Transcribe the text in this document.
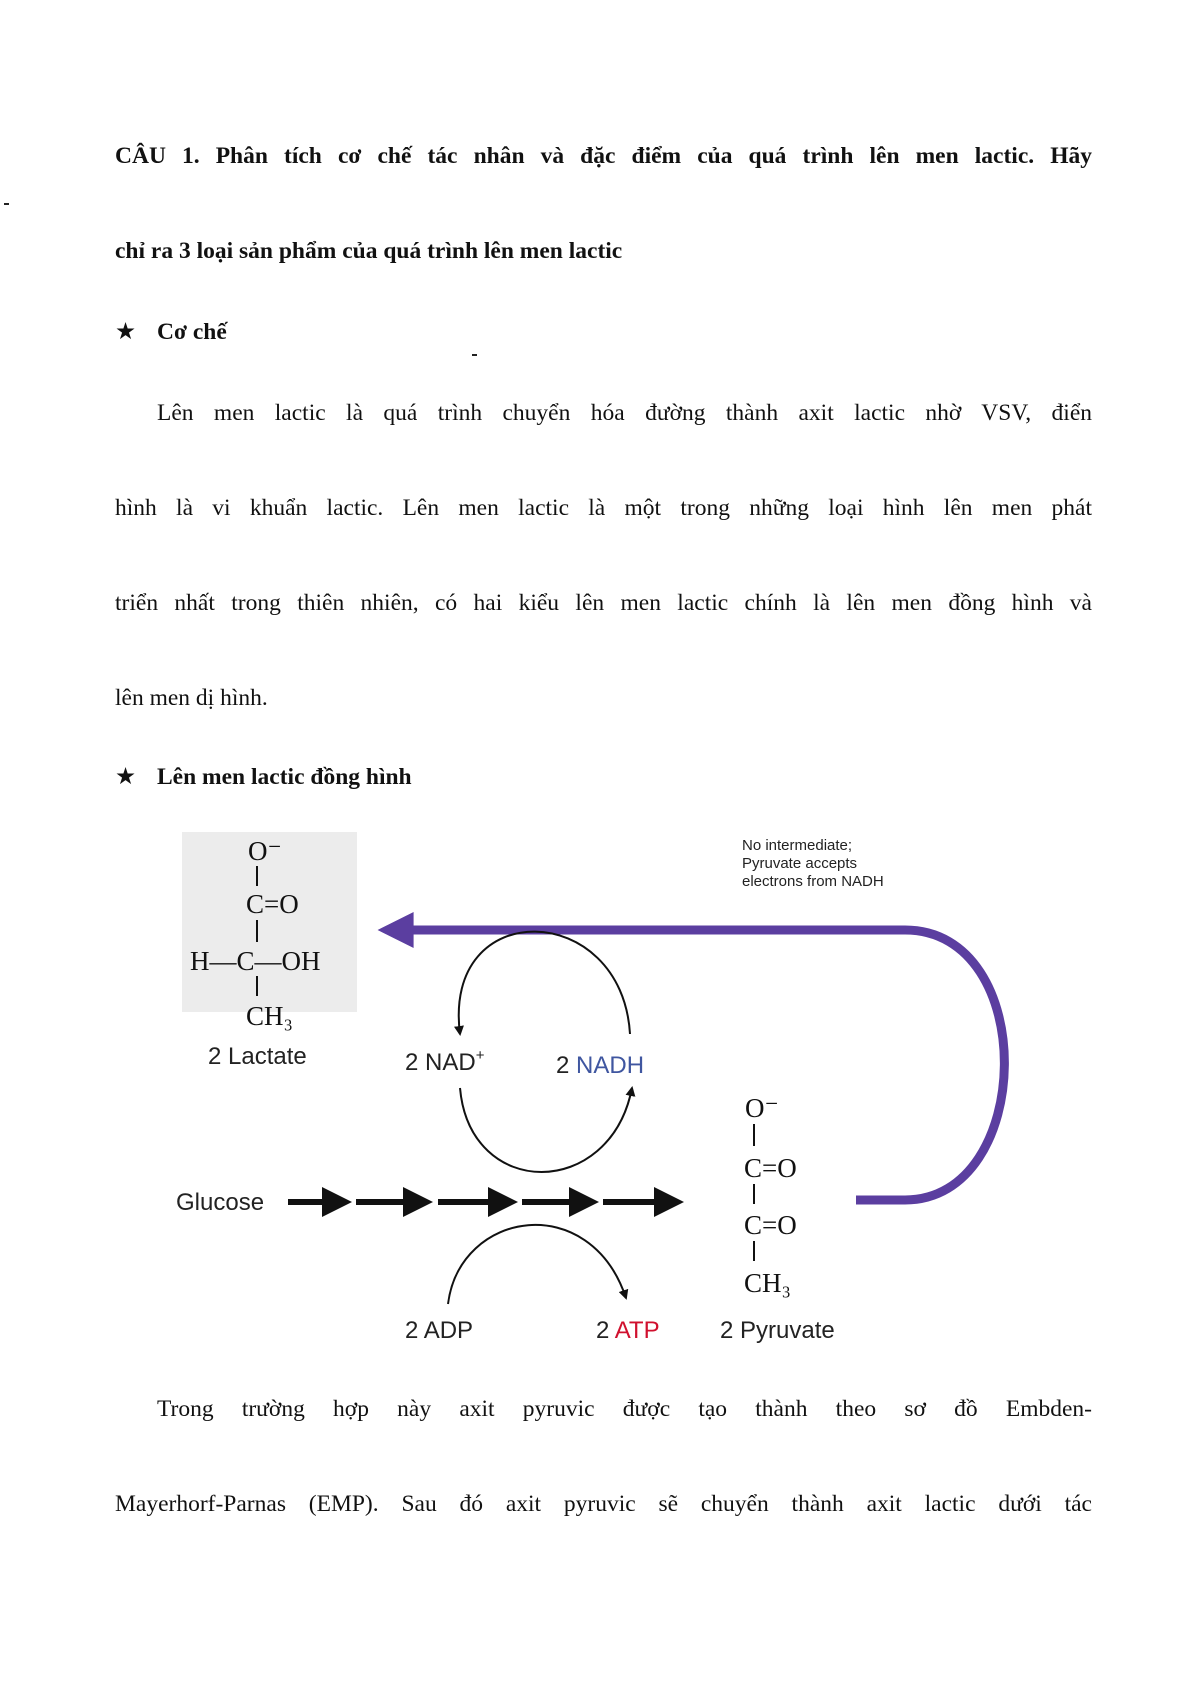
CÂU 1. Phân tích cơ chế tác nhân và đặc điểm của quá trình lên men lactic. Hãy
chỉ ra 3 loại sản phẩm của quá trình lên men lactic
★ Cơ chế
Lên men lactic là quá trình chuyển hóa đường thành axit lactic nhờ VSV, điển
hình là vi khuẩn lactic. Lên men lactic là một trong những loại hình lên men phát
triển nhất trong thiên nhiên, có hai kiểu lên men lactic chính là lên men đồng hình và
lên men dị hình.
★ Lên men lactic đồng hình
O⁻
C=O
H—C—OH
CH₃
2 Lactate
No intermediate;
Pyruvate accepts
electrons from NADH
2 NAD+	2 NADH
Glucose
2 ADP	2 ATP
O⁻
C=O
C=O
CH₃
2 Pyruvate
Trong trường hợp này axit pyruvic được tạo thành theo sơ đồ Embden-
Mayerhorf-Parnas (EMP). Sau đó axit pyruvic sẽ chuyển thành axit lactic dưới tác
